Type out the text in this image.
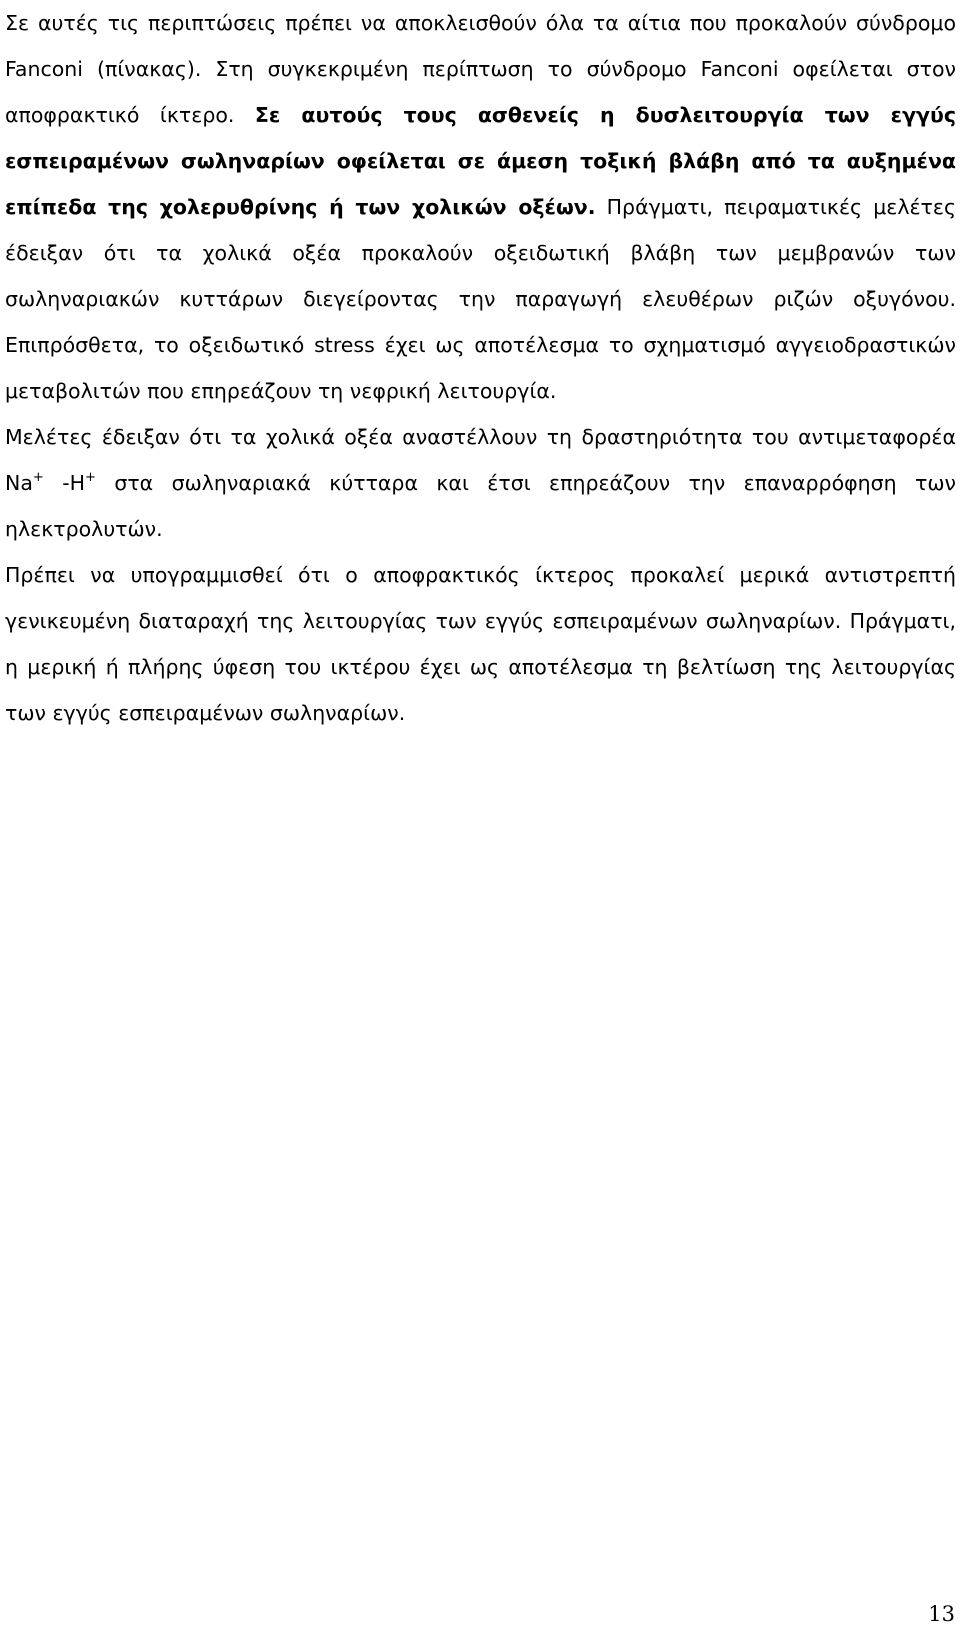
Σε αυτές τις περιπτώσεις πρέπει να αποκλεισθούν όλα τα αίτια που προκαλούν σύνδρομο Fanconi (πίνακας). Στη συγκεκριμένη περίπτωση το σύνδρομο Fanconi οφείλεται στον αποφρακτικό ίκτερο. Σε αυτούς τους ασθενείς η δυσλειτουργία των εγγύς εσπειραμένων σωληναρίων οφείλεται σε άμεση τοξική βλάβη από τα αυξημένα επίπεδα της χολερυθρίνης ή των χολικών οξέων. Πράγματι, πειραματικές μελέτες έδειξαν ότι τα χολικά οξέα προκαλούν οξειδωτική βλάβη των μεμβρανών των σωληναριακών κυττάρων διεγείροντας την παραγωγή ελευθέρων ριζών οξυγόνου. Επιπρόσθετα, το οξειδωτικό stress έχει ως αποτέλεσμα το σχηματισμό αγγειοδραστικών μεταβολιτών που επηρεάζουν τη νεφρική λειτουργία.

Μελέτες έδειξαν ότι τα χολικά οξέα αναστέλλουν τη δραστηριότητα του αντιμεταφορέα Na+ -H+ στα σωληναριακά κύτταρα και έτσι επηρεάζουν την επαναρρόφηση των ηλεκτρολυτών.

Πρέπει να υπογραμμισθεί ότι ο αποφρακτικός ίκτερος προκαλεί μερικά αντιστρεπτή γενικευμένη διαταραχή της λειτουργίας των εγγύς εσπειραμένων σωληναρίων. Πράγματι, η μερική ή πλήρης ύφεση του ικτέρου έχει ως αποτέλεσμα τη βελτίωση της λειτουργίας των εγγύς εσπειραμένων σωληναρίων.

13
